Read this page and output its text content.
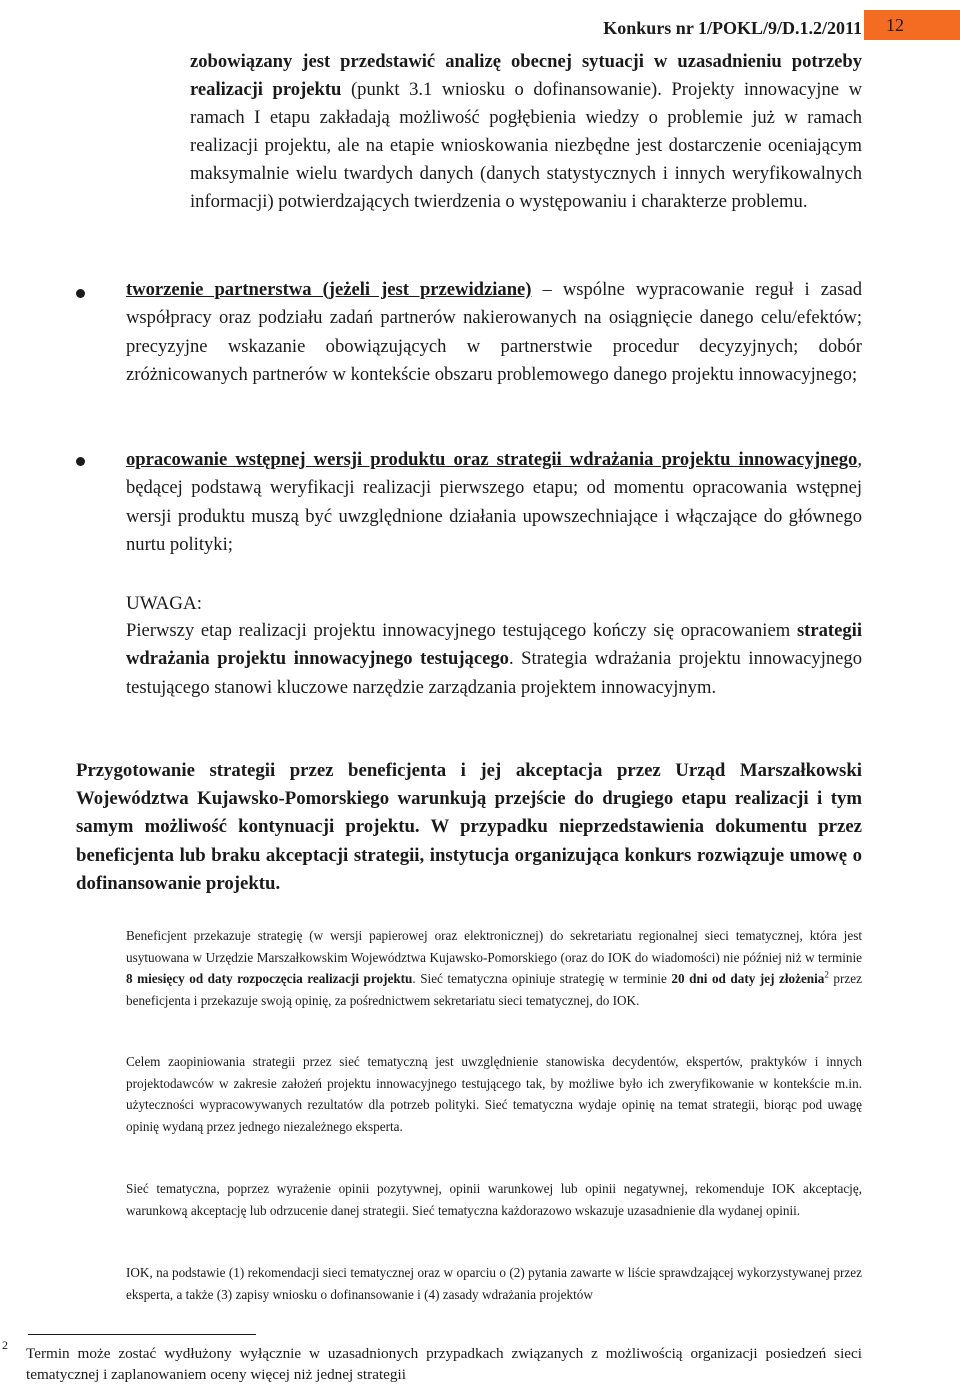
Konkurs nr 1/POKL/9/D.1.2/2011	12
zobowiązany jest przedstawić analizę obecnej sytuacji w uzasadnieniu potrzeby realizacji projektu (punkt 3.1 wniosku o dofinansowanie). Projekty innowacyjne w ramach I etapu zakładają możliwość pogłębienia wiedzy o problemie już w ramach realizacji projektu, ale na etapie wnioskowania niezbędne jest dostarczenie oceniającym maksymalnie wielu twardych danych (danych statystycznych i innych weryfikowalnych informacji) potwierdzających twierdzenia o występowaniu i charakterze problemu.
tworzenie partnerstwa (jeżeli jest przewidziane) – wspólne wypracowanie reguł i zasad współpracy oraz podziału zadań partnerów nakierowanych na osiągnięcie danego celu/efektów; precyzyjne wskazanie obowiązujących w partnerstwie procedur decyzyjnych; dobór zróżnicowanych partnerów w kontekście obszaru problemowego danego projektu innowacyjnego;
opracowanie wstępnej wersji produktu oraz strategii wdrażania projektu innowacyjnego, będącej podstawą weryfikacji realizacji pierwszego etapu; od momentu opracowania wstępnej wersji produktu muszą być uwzględnione działania upowszechniające i włączające do głównego nurtu polityki;
UWAGA:
Pierwszy etap realizacji projektu innowacyjnego testującego kończy się opracowaniem strategii wdrażania projektu innowacyjnego testującego. Strategia wdrażania projektu innowacyjnego testującego stanowi kluczowe narzędzie zarządzania projektem innowacyjnym.
Przygotowanie strategii przez beneficjenta i jej akceptacja przez Urząd Marszałkowski Województwa Kujawsko-Pomorskiego warunkują przejście do drugiego etapu realizacji i tym samym możliwość kontynuacji projektu. W przypadku nieprzedstawienia dokumentu przez beneficjenta lub braku akceptacji strategii, instytucja organizująca konkurs rozwiązuje umowę o dofinansowanie projektu.
Beneficjent przekazuje strategię (w wersji papierowej oraz elektronicznej) do sekretariatu regionalnej sieci tematycznej, która jest usytuowana w Urzędzie Marszałkowskim Województwa Kujawsko-Pomorskiego (oraz do IOK do wiadomości) nie później niż w terminie 8 miesięcy od daty rozpoczęcia realizacji projektu. Sieć tematyczna opiniuje strategię w terminie 20 dni od daty jej złożenia$^2$ przez beneficjenta i przekazuje swoją opinię, za pośrednictwem sekretariatu sieci tematycznej, do IOK.
Celem zaopiniowania strategii przez sieć tematyczną jest uwzględnienie stanowiska decydentów, ekspertów, praktyków i innych projektodawców w zakresie założeń projektu innowacyjnego testującego tak, by możliwe było ich zweryfikowanie w kontekście m.in. użyteczności wypracowywanych rezultatów dla potrzeb polityki. Sieć tematyczna wydaje opinię na temat strategii, biorąc pod uwagę opinię wydaną przez jednego niezależnego eksperta.
Sieć tematyczna, poprzez wyrażenie opinii pozytywnej, opinii warunkowej lub opinii negatywnej, rekomenduje IOK akceptację, warunkową akceptację lub odrzucenie danej strategii. Sieć tematyczna każdorazowo wskazuje uzasadnienie dla wydanej opinii.
IOK, na podstawie (1) rekomendacji sieci tematycznej oraz w oparciu o (2) pytania zawarte w liście sprawdzającej wykorzystywanej przez eksperta, a także (3) zapisy wniosku o dofinansowanie i (4) zasady wdrażania projektów
2 Termin może zostać wydłużony wyłącznie w uzasadnionych przypadkach związanych z możliwością organizacji posiedzeń sieci tematycznej i zaplanowaniem oceny więcej niż jednej strategii
